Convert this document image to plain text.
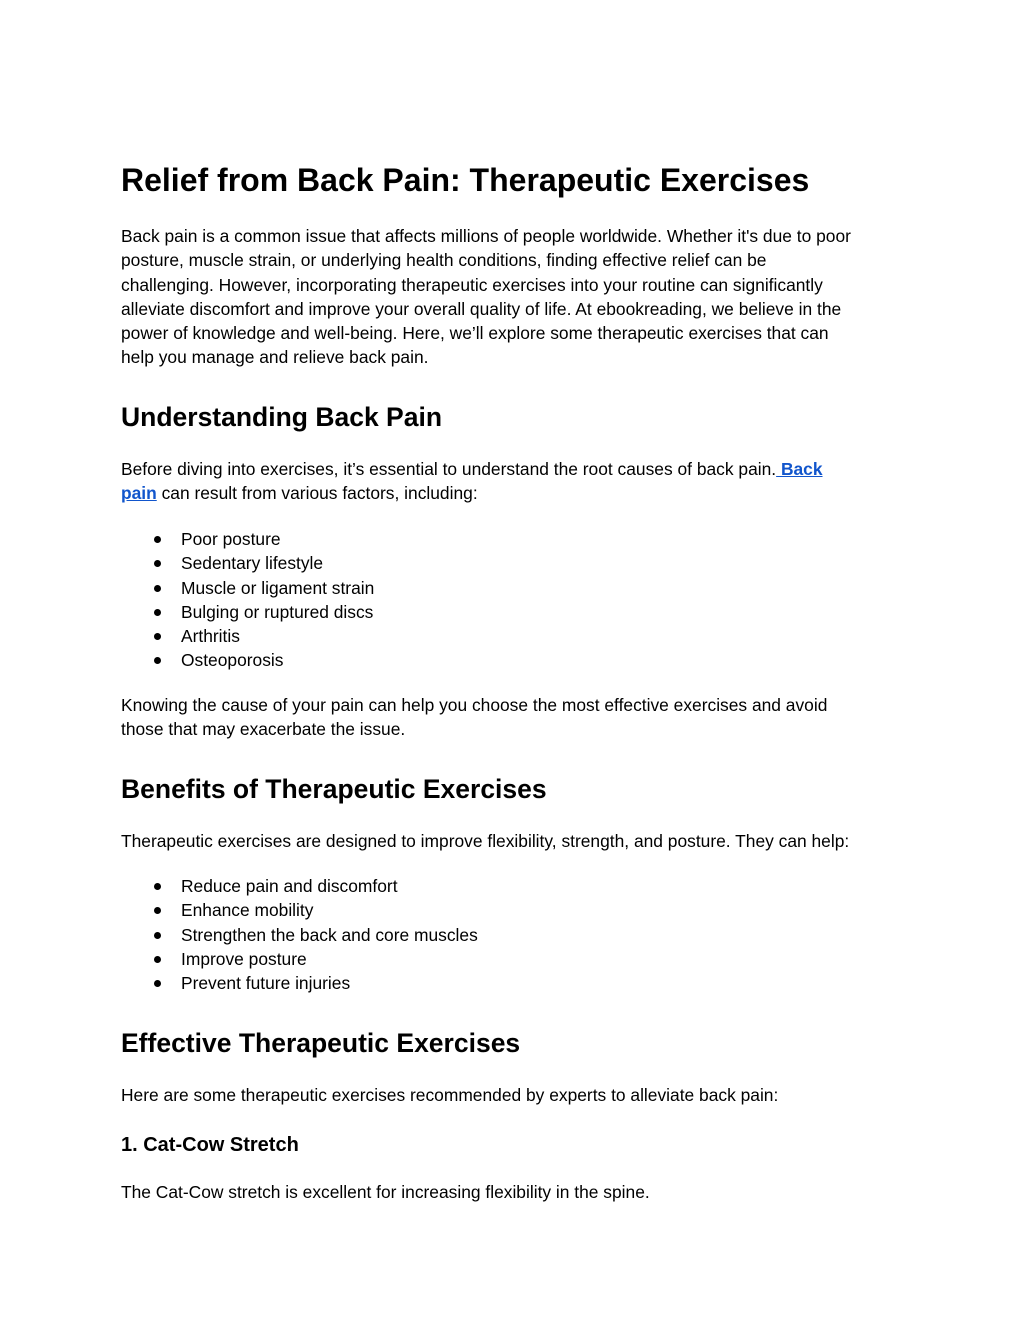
Relief from Back Pain: Therapeutic Exercises

Back pain is a common issue that affects millions of people worldwide. Whether it's due to poor
posture, muscle strain, or underlying health conditions, finding effective relief can be
challenging. However, incorporating therapeutic exercises into your routine can significantly
alleviate discomfort and improve your overall quality of life. At ebookreading, we believe in the
power of knowledge and well-being. Here, we’ll explore some therapeutic exercises that can
help you manage and relieve back pain.

Understanding Back Pain

Before diving into exercises, it’s essential to understand the root causes of back pain. Back
pain can result from various factors, including:

Poor posture
Sedentary lifestyle
Muscle or ligament strain
Bulging or ruptured discs
Arthritis
Osteoporosis

Knowing the cause of your pain can help you choose the most effective exercises and avoid
those that may exacerbate the issue.

Benefits of Therapeutic Exercises

Therapeutic exercises are designed to improve flexibility, strength, and posture. They can help:

Reduce pain and discomfort
Enhance mobility
Strengthen the back and core muscles
Improve posture
Prevent future injuries
Effective Therapeutic Exercises

Here are some therapeutic exercises recommended by experts to alleviate back pain:

1. Cat-Cow Stretch

The Cat-Cow stretch is excellent for increasing flexibility in the spine.
